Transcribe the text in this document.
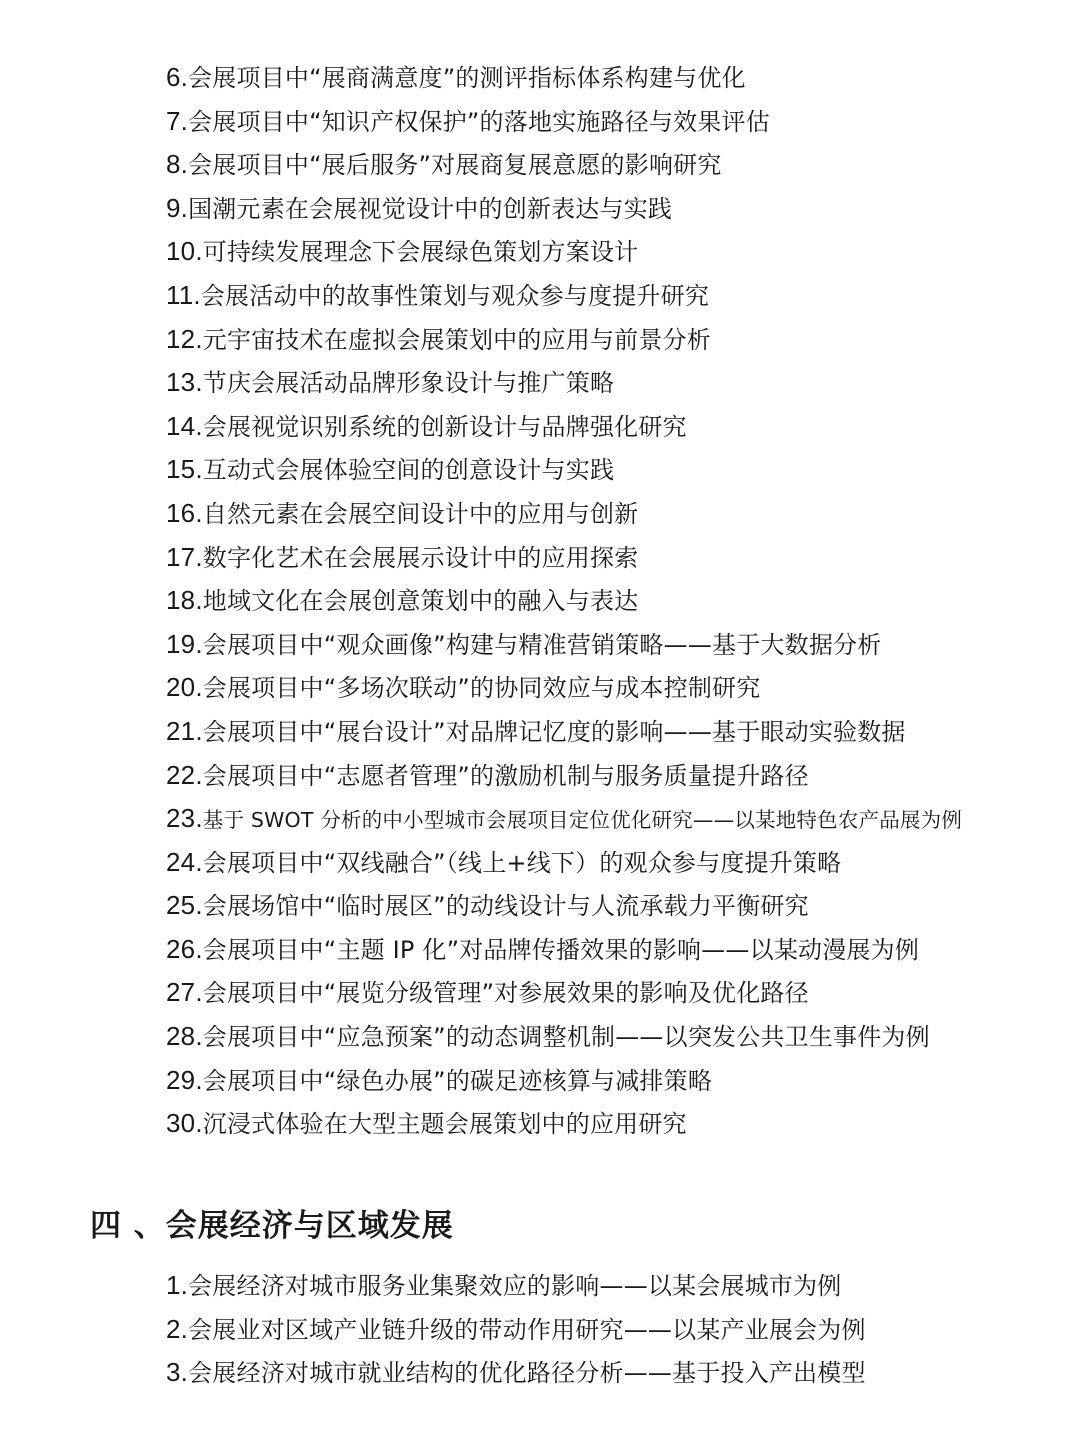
6.会展项目中“展商满意度”的测评指标体系构建与优化
7.会展项目中“知识产权保护”的落地实施路径与效果评估
8.会展项目中“展后服务”对展商复展意愿的影响研究
9.国潮元素在会展视觉设计中的创新表达与实践
10.可持续发展理念下会展绿色策划方案设计
11.会展活动中的故事性策划与观众参与度提升研究
12.元宇宙技术在虚拟会展策划中的应用与前景分析
13.节庆会展活动品牌形象设计与推广策略
14.会展视觉识别系统的创新设计与品牌强化研究
15.互动式会展体验空间的创意设计与实践
16.自然元素在会展空间设计中的应用与创新
17.数字化艺术在会展展示设计中的应用探索
18.地域文化在会展创意策划中的融入与表达
19.会展项目中“观众画像”构建与精准营销策略——基于大数据分析
20.会展项目中“多场次联动”的协同效应与成本控制研究
21.会展项目中“展台设计”对品牌记忆度的影响——基于眼动实验数据
22.会展项目中“志愿者管理”的激励机制与服务质量提升路径
23.基于 SWOT 分析的中小型城市会展项目定位优化研究——以某地特色农产品展为例
24.会展项目中“双线融合”（线上+线下）的观众参与度提升策略
25.会展场馆中“临时展区”的动线设计与人流承载力平衡研究
26.会展项目中“主题 IP 化”对品牌传播效果的影响——以某动漫展为例
27.会展项目中“展览分级管理”对参展效果的影响及优化路径
28.会展项目中“应急预案”的动态调整机制——以突发公共卫生事件为例
29.会展项目中“绿色办展”的碳足迹核算与减排策略
30.沉浸式体验在大型主题会展策划中的应用研究
四 、会展经济与区域发展
1.会展经济对城市服务业集聚效应的影响——以某会展城市为例
2.会展业对区域产业链升级的带动作用研究——以某产业展会为例
3.会展经济对城市就业结构的优化路径分析——基于投入产出模型
